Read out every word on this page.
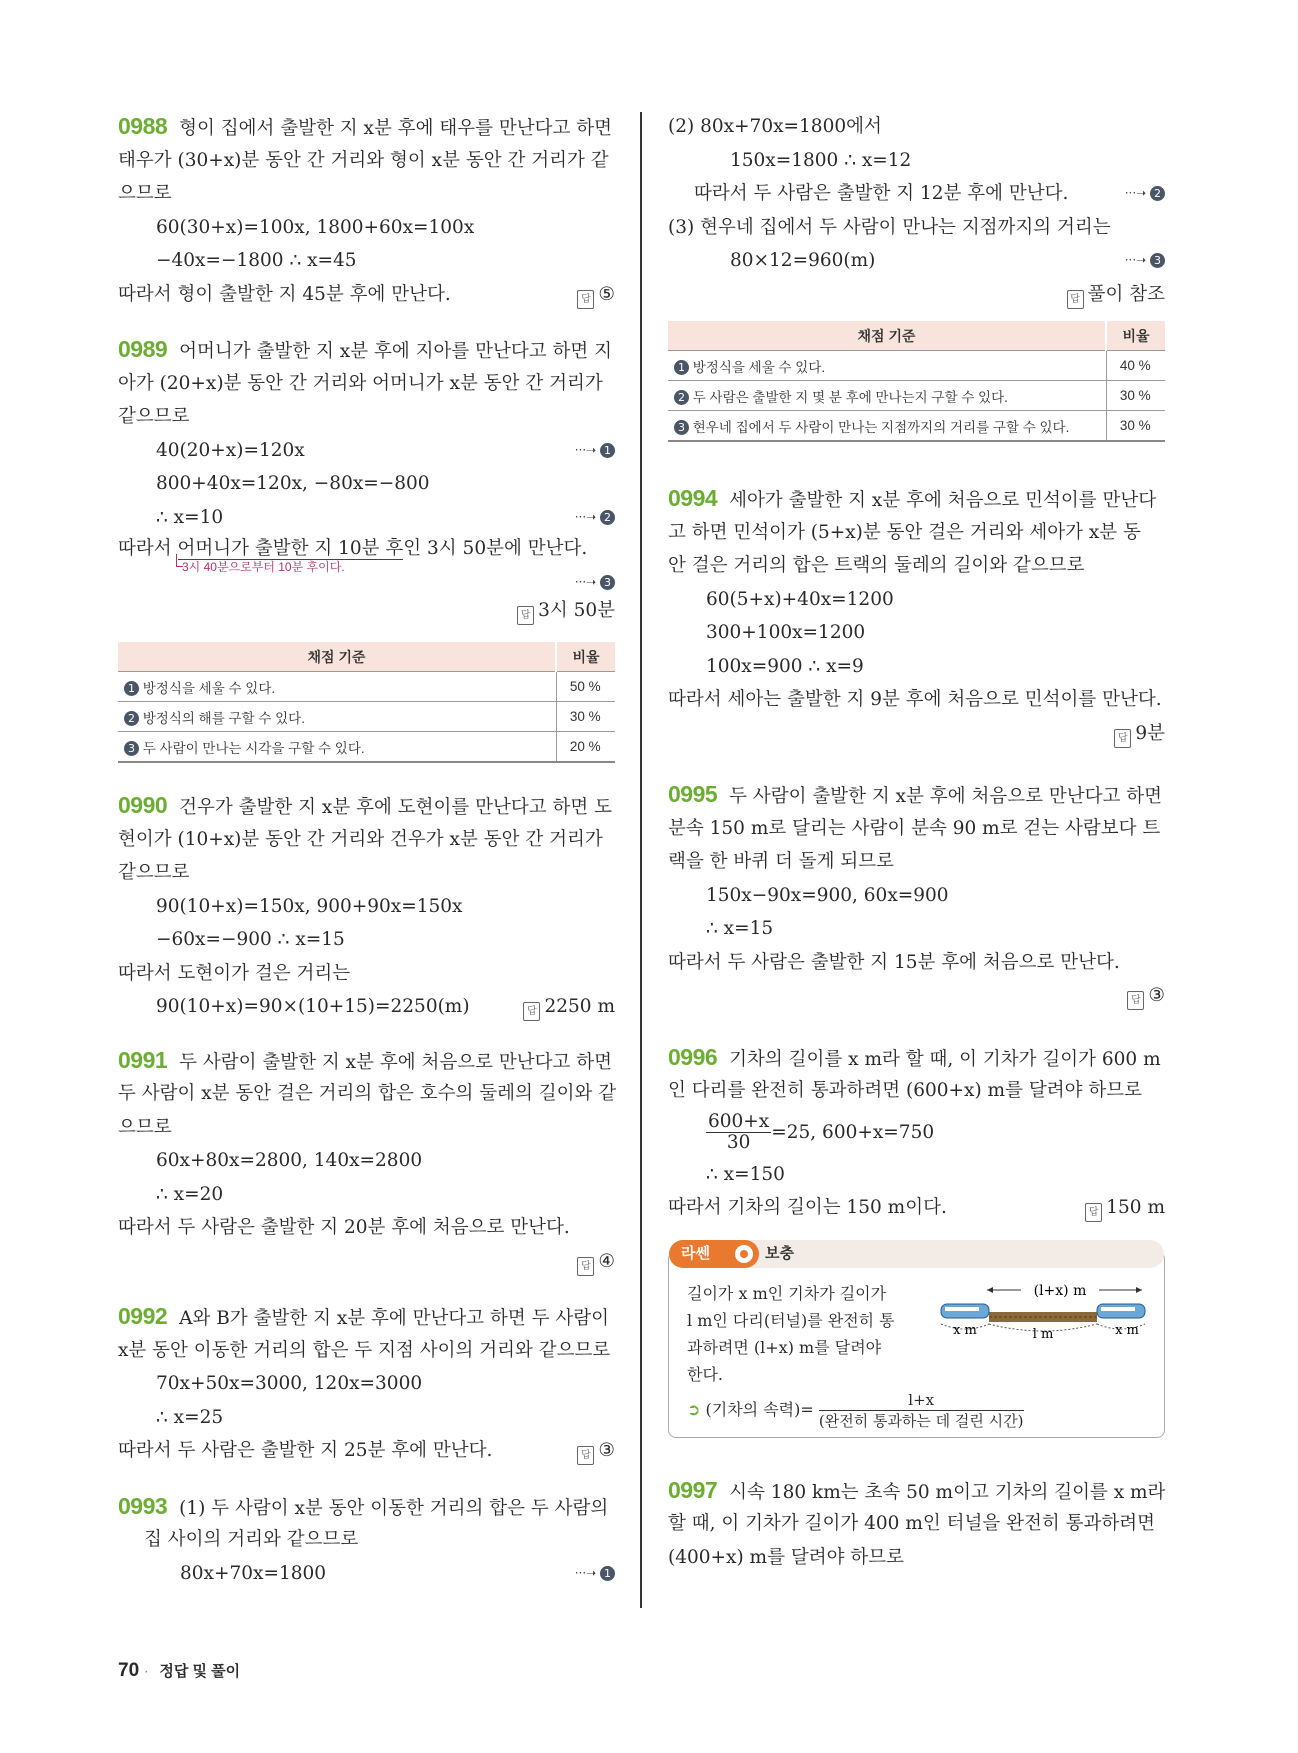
0988 형이 집에서 출발한 지 x분 후에 태우를 만난다고 하면
태우가 (30+x)분 동안 간 거리와 형이 x분 동안 간 거리가 같
으므로
60(30+x)=100x, 1800+60x=100x
−40x=−1800 ∴ x=45
따라서 형이 출발한 지 45분 후에 만난다.	답 ⑤
0989 어머니가 출발한 지 x분 후에 지아를 만난다고 하면 지
아가 (20+x)분 동안 간 거리와 어머니가 x분 동안 간 거리가
같으므로
40(20+x)=120x	···➝ 1
800+40x=120x, −80x=−800
∴ x=10	···➝ 2
따라서 어머니가 출발한 지 10분 후인 3시 50분에 만난다.
3시 40분으로부터 10분 후이다.
···➝ 3
답 3시 50분
채점 기준	비율
1 방정식을 세울 수 있다.	50 %
2 방정식의 해를 구할 수 있다.	30 %
3 두 사람이 만나는 시각을 구할 수 있다.	20 %
0990 건우가 출발한 지 x분 후에 도현이를 만난다고 하면 도
현이가 (10+x)분 동안 간 거리와 건우가 x분 동안 간 거리가
같으므로
90(10+x)=150x, 900+90x=150x
−60x=−900 ∴ x=15
따라서 도현이가 걸은 거리는
90(10+x)=90×(10+15)=2250(m)	답 2250 m
0991 두 사람이 출발한 지 x분 후에 처음으로 만난다고 하면
두 사람이 x분 동안 걸은 거리의 합은 호수의 둘레의 길이와 같
으므로
60x+80x=2800, 140x=2800
∴ x=20
따라서 두 사람은 출발한 지 20분 후에 처음으로 만난다.
답 ④
0992 A와 B가 출발한 지 x분 후에 만난다고 하면 두 사람이
x분 동안 이동한 거리의 합은 두 지점 사이의 거리와 같으므로
70x+50x=3000, 120x=3000
∴ x=25
따라서 두 사람은 출발한 지 25분 후에 만난다.	답 ③
0993 (1) 두 사람이 x분 동안 이동한 거리의 합은 두 사람의
집 사이의 거리와 같으므로
80x+70x=1800	···➝ 1
(2) 80x+70x=1800에서
150x=1800 ∴ x=12
따라서 두 사람은 출발한 지 12분 후에 만난다.	···➝ 2
(3) 현우네 집에서 두 사람이 만나는 지점까지의 거리는
80×12=960(m)	···➝ 3
답 풀이 참조
채점 기준	비율
1 방정식을 세울 수 있다.	40 %
2 두 사람은 출발한 지 몇 분 후에 만나는지 구할 수 있다.	30 %
3 현우네 집에서 두 사람이 만나는 지점까지의 거리를 구할 수 있다.	30 %
0994 세아가 출발한 지 x분 후에 처음으로 민석이를 만난다
고 하면 민석이가 (5+x)분 동안 걸은 거리와 세아가 x분 동
안 걸은 거리의 합은 트랙의 둘레의 길이와 같으므로
60(5+x)+40x=1200
300+100x=1200
100x=900 ∴ x=9
따라서 세아는 출발한 지 9분 후에 처음으로 민석이를 만난다.
답 9분
0995 두 사람이 출발한 지 x분 후에 처음으로 만난다고 하면
분속 150 m로 달리는 사람이 분속 90 m로 걷는 사람보다 트
랙을 한 바퀴 더 돌게 되므로
150x−90x=900, 60x=900
∴ x=15
따라서 두 사람은 출발한 지 15분 후에 처음으로 만난다.
답 ③
0996 기차의 길이를 x m라 할 때, 이 기차가 길이가 600 m
인 다리를 완전히 통과하려면 (600+x) m를 달려야 하므로
$\frac{600+x}{30} =25$, 600+x=750
∴ x=150
따라서 기차의 길이는 150 m이다.	답 150 m
라쎈	보충
길이가 x m인 기차가 길이가
l m인 다리(터널)를 완전히 통
과하려면 (l+x) m를 달려야
한다.
(l+x) m
x m	l m	x m
➲ (기차의 속력)= $\frac{l+x}{\text{(완전히 통과하는 데 걸린 시간)}}$
0997 시속 180 km는 초속 50 m이고 기차의 길이를 x m라
할 때, 이 기차가 길이가 400 m인 터널을 완전히 통과하려면
(400+x) m를 달려야 하므로
70 · 정답 및 풀이
